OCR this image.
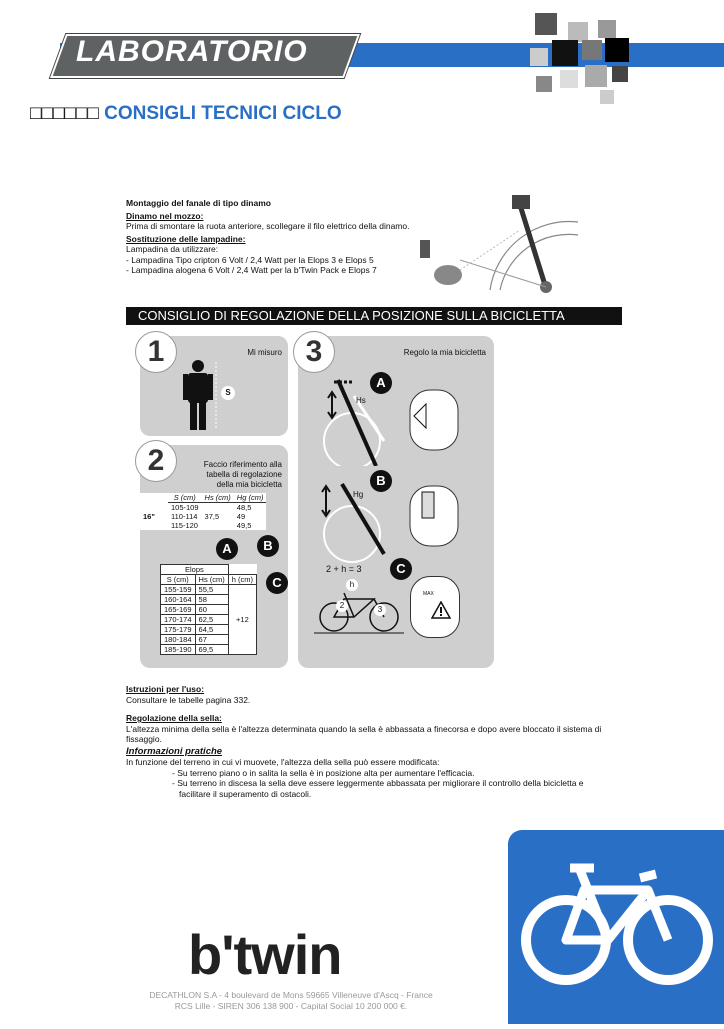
LABORATORIO
□□□□□□ CONSIGLI TECNICI CICLO
Montaggio del fanale di tipo dinamo
Dinamo nel mozzo:
Prima di smontare la ruota anteriore, scollegare il filo elettrico della dinamo.
Sostituzione delle lampadine:
Lampadina da utilizzare:
- Lampadina Tipo cripton 6 Volt / 2,4 Watt per la Elops 3 e Elops 5
- Lampadina alogena 6 Volt / 2,4 Watt per la b'Twin Pack e Elops 7
CONSIGLIO DI REGOLAZIONE DELLA POSIZIONE SULLA BICICLETTA
1	Mi misuro
S
2	Faccio riferimento alla
tabella di regolazione
della mia bicicletta
	S (cm)	Hs (cm)	Hg (cm)
16"	105-109	37,5	48,5
	110-114		49
	115-120		49,5
A	B
C
Elops		
S (cm)	Hs (cm)	h (cm)
155-159	55,5	+12
160-164	58	
165-169	60	
170-174	62,5	
175-179	64,5	
180-184	67	
185-190	69,5	
3	Regolo la mia bicicletta
A
Hs
B
Hg
2 + h = 3	C
h
2	3
MAX
Istruzioni per l'uso:
Consultare le tabelle pagina 332.
Regolazione della sella:
L'altezza minima della sella è l'altezza determinata quando la sella è abbassata a finecorsa e dopo avere bloccato il sistema di
fissaggio.
Informazioni pratiche
In funzione del terreno in cui vi muovete, l'altezza della sella può essere modificata:
- Su terreno piano o in salita la sella è in posizione alta per aumentare l'efficacia.
- Su terreno in discesa la sella deve essere leggermente abbassata per migliorare il controllo della bicicletta e
facilitare il superamento di ostacoli.
b'twin
DECATHLON S.A - 4 boulevard de Mons 59665 Villeneuve d'Ascq - France
RCS Lille - SIREN 306 138 900 - Capital Social 10 200 000 €.
